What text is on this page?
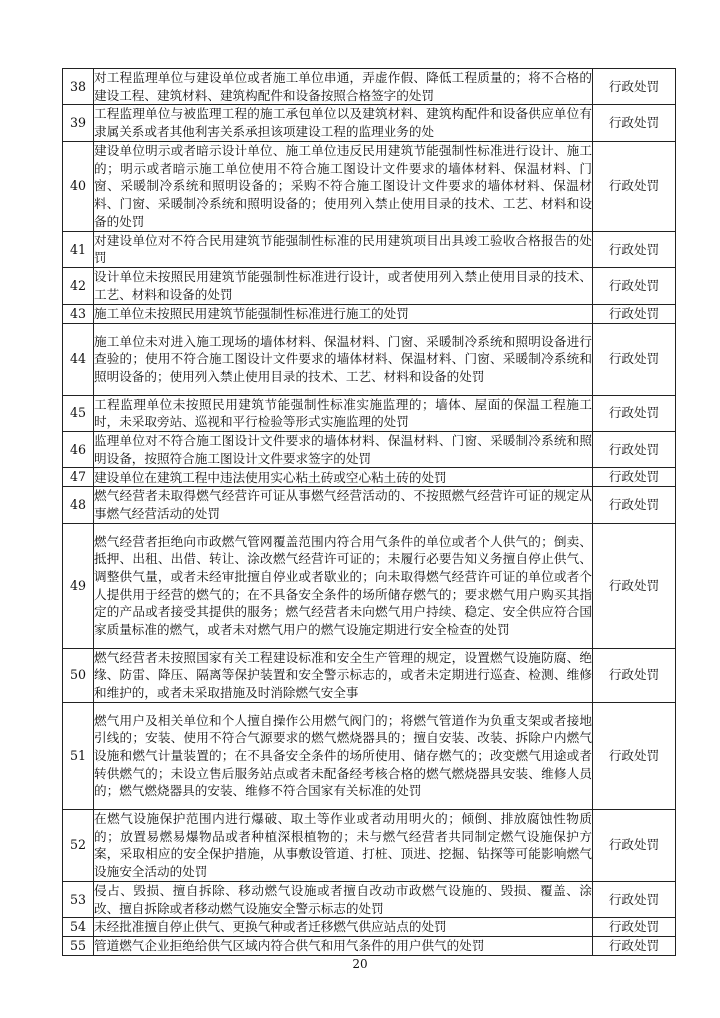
38	对工程监理单位与建设单位或者施工单位串通，弄虚作假、降低工程质量的；将不合格的建设工程、建筑材料、建筑构配件和设备按照合格签字的处罚	行政处罚
39	工程监理单位与被监理工程的施工承包单位以及建筑材料、建筑构配件和设备供应单位有隶属关系或者其他利害关系承担该项建设工程的监理业务的处	行政处罚
40	建设单位明示或者暗示设计单位、施工单位违反民用建筑节能强制性标准进行设计、施工的；明示或者暗示施工单位使用不符合施工图设计文件要求的墙体材料、保温材料、门窗、采暖制冷系统和照明设备的；采购不符合施工图设计文件要求的墙体材料、保温材料、门窗、采暖制冷系统和照明设备的；使用列入禁止使用目录的技术、工艺、材料和设备的处罚	行政处罚
41	对建设单位对不符合民用建筑节能强制性标准的民用建筑项目出具竣工验收合格报告的处罚	行政处罚
42	设计单位未按照民用建筑节能强制性标准进行设计，或者使用列入禁止使用目录的技术、工艺、材料和设备的处罚	行政处罚
43	施工单位未按照民用建筑节能强制性标准进行施工的处罚	行政处罚
44	施工单位未对进入施工现场的墙体材料、保温材料、门窗、采暖制冷系统和照明设备进行查验的；使用不符合施工图设计文件要求的墙体材料、保温材料、门窗、采暖制冷系统和照明设备的；使用列入禁止使用目录的技术、工艺、材料和设备的处罚	行政处罚
45	工程监理单位未按照民用建筑节能强制性标准实施监理的；墙体、屋面的保温工程施工时，未采取旁站、巡视和平行检验等形式实施监理的处罚	行政处罚
46	监理单位对不符合施工图设计文件要求的墙体材料、保温材料、门窗、采暖制冷系统和照明设备，按照符合施工图设计文件要求签字的处罚	行政处罚
47	建设单位在建筑工程中违法使用实心粘土砖或空心粘土砖的处罚	行政处罚
48	燃气经营者未取得燃气经营许可证从事燃气经营活动的、不按照燃气经营许可证的规定从事燃气经营活动的处罚	行政处罚
49	燃气经营者拒绝向市政燃气管网覆盖范围内符合用气条件的单位或者个人供气的；倒卖、抵押、出租、出借、转让、涂改燃气经营许可证的；未履行必要告知义务擅自停止供气、调整供气量，或者未经审批擅自停业或者歇业的；向未取得燃气经营许可证的单位或者个人提供用于经营的燃气的；在不具备安全条件的场所储存燃气的；要求燃气用户购买其指定的产品或者接受其提供的服务；燃气经营者未向燃气用户持续、稳定、安全供应符合国家质量标准的燃气，或者未对燃气用户的燃气设施定期进行安全检查的处罚	行政处罚
50	燃气经营者未按照国家有关工程建设标准和安全生产管理的规定，设置燃气设施防腐、绝缘、防雷、降压、隔离等保护装置和安全警示标志的，或者未定期进行巡查、检测、维修和维护的，或者未采取措施及时消除燃气安全事	行政处罚
51	燃气用户及相关单位和个人擅自操作公用燃气阀门的；将燃气管道作为负重支架或者接地引线的；安装、使用不符合气源要求的燃气燃烧器具的；擅自安装、改装、拆除户内燃气设施和燃气计量装置的；在不具备安全条件的场所使用、储存燃气的；改变燃气用途或者转供燃气的；未设立售后服务站点或者未配备经考核合格的燃气燃烧器具安装、维修人员的；燃气燃烧器具的安装、维修不符合国家有关标准的处罚	行政处罚
52	在燃气设施保护范围内进行爆破、取土等作业或者动用明火的；倾倒、排放腐蚀性物质的；放置易燃易爆物品或者种植深根植物的；未与燃气经营者共同制定燃气设施保护方案，采取相应的安全保护措施，从事敷设管道、打桩、顶进、挖掘、钻探等可能影响燃气设施安全活动的处罚	行政处罚
53	侵占、毁损、擅自拆除、移动燃气设施或者擅自改动市政燃气设施的、毁损、覆盖、涂改、擅自拆除或者移动燃气设施安全警示标志的处罚	行政处罚
54	未经批准擅自停止供气、更换气种或者迁移燃气供应站点的处罚	行政处罚
55	管道燃气企业拒绝给供气区域内符合供气和用气条件的用户供气的处罚	行政处罚
20
